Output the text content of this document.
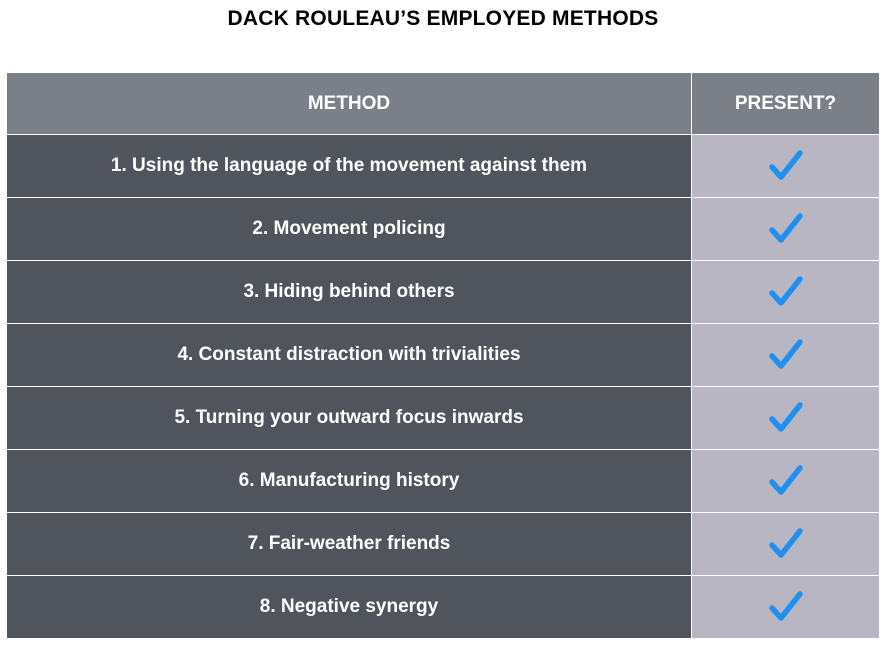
DACK ROULEAU’S EMPLOYED METHODS
METHOD	PRESENT?
1. Using the language of the movement against them
2. Movement policing
3. Hiding behind others
4. Constant distraction with trivialities
5. Turning your outward focus inwards
6. Manufacturing history
7. Fair-weather friends
8. Negative synergy
